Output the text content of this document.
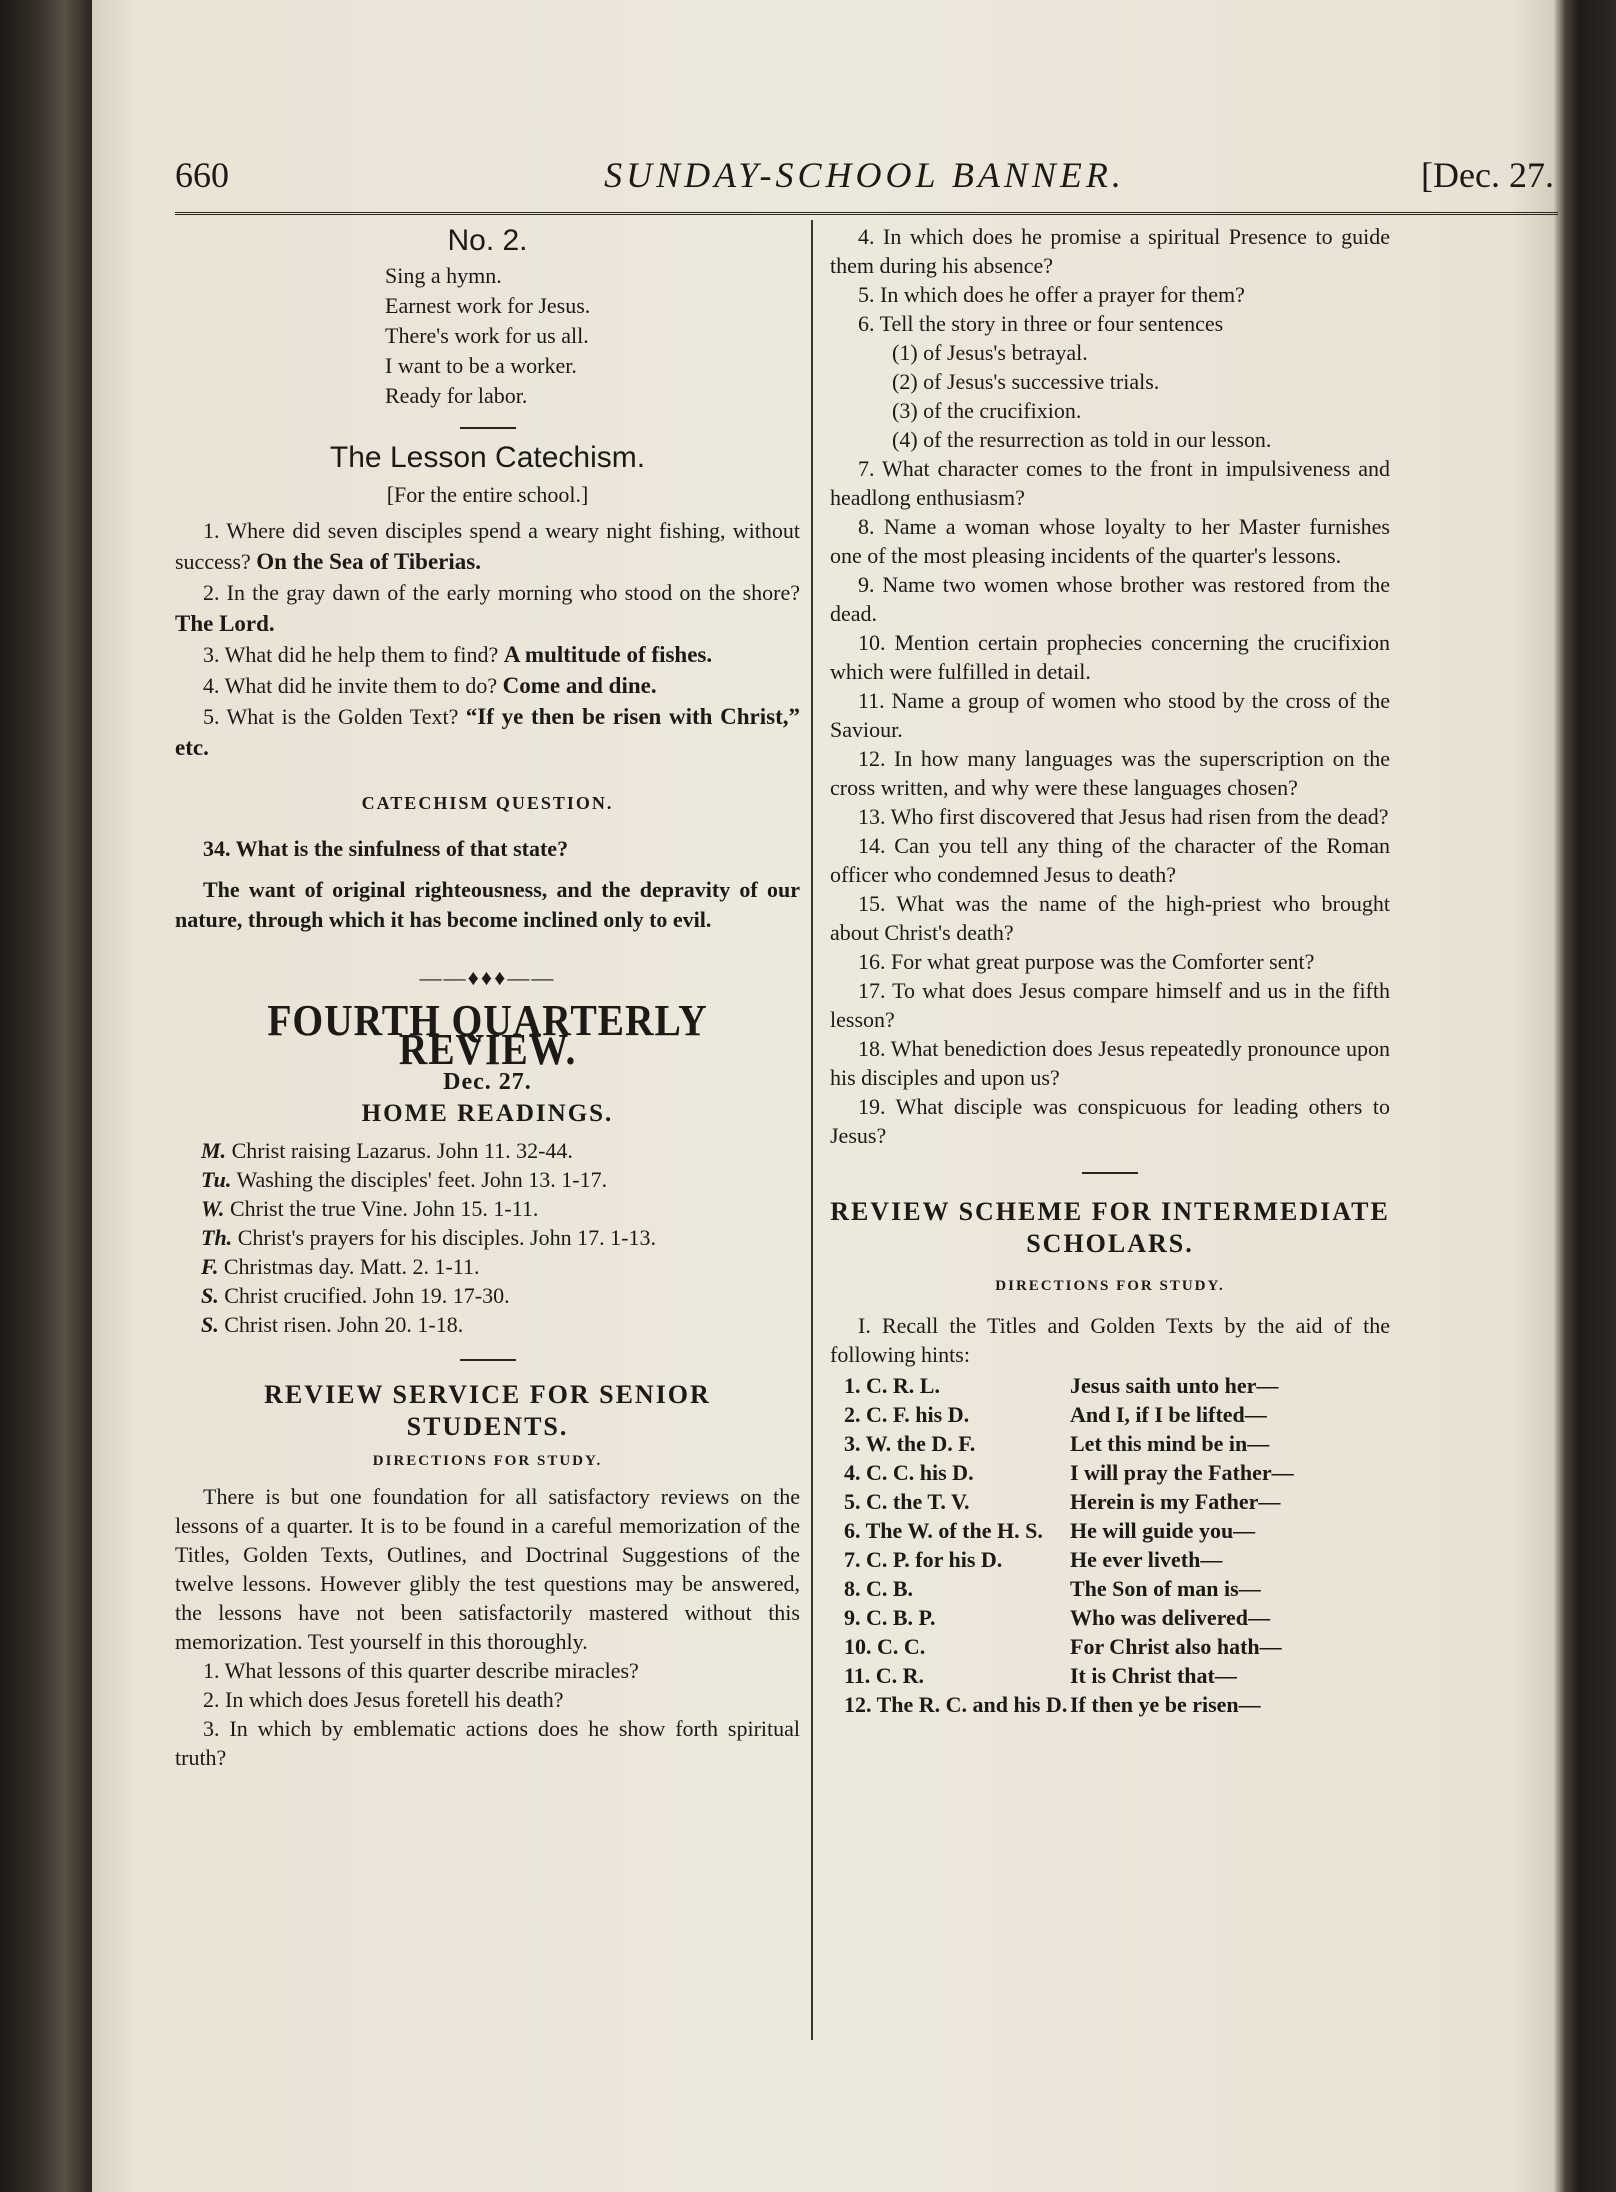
660	SUNDAY-SCHOOL BANNER.	[Dec. 27.
No. 2.
Sing a hymn.
Earnest work for Jesus.
There's work for us all.
I want to be a worker.
Ready for labor.
The Lesson Catechism.
[For the entire school.]

1. Where did seven disciples spend a weary night fishing, without success? On the Sea of Tiberias.

2. In the gray dawn of the early morning who stood on the shore? The Lord.

3. What did he help them to find? A multitude of fishes.

4. What did he invite them to do? Come and dine.

5. What is the Golden Text? “If ye then be risen with Christ,” etc.

CATECHISM QUESTION.

34. What is the sinfulness of that state?

The want of original righteousness, and the depravity of our nature, through which it has become inclined only to evil.

——♦♦♦——
FOURTH QUARTERLY REVIEW.
Dec. 27.
HOME READINGS.

M. Christ raising Lazarus. John 11. 32-44.

Tu. Washing the disciples' feet. John 13. 1-17.

W. Christ the true Vine. John 15. 1-11.

Th. Christ's prayers for his disciples. John 17. 1-13.

F. Christmas day. Matt. 2. 1-11.

S. Christ crucified. John 19. 17-30.

S. Christ risen. John 20. 1-18.

REVIEW SERVICE FOR SENIOR STUDENTS.
DIRECTIONS FOR STUDY.

There is but one foundation for all satisfactory reviews on the lessons of a quarter. It is to be found in a careful memorization of the Titles, Golden Texts, Outlines, and Doctrinal Suggestions of the twelve lessons. However glibly the test questions may be answered, the lessons have not been satisfactorily mastered without this memorization. Test yourself in this thoroughly.

1. What lessons of this quarter describe miracles?

2. In which does Jesus foretell his death?

3. In which by emblematic actions does he show forth spiritual truth?

4. In which does he promise a spiritual Presence to guide them during his absence?

5. In which does he offer a prayer for them?

6. Tell the story in three or four sentences

(1) of Jesus's betrayal.

(2) of Jesus's successive trials.

(3) of the crucifixion.

(4) of the resurrection as told in our lesson.

7. What character comes to the front in impulsiveness and headlong enthusiasm?

8. Name a woman whose loyalty to her Master furnishes one of the most pleasing incidents of the quarter's lessons.

9. Name two women whose brother was restored from the dead.

10. Mention certain prophecies concerning the crucifixion which were fulfilled in detail.

11. Name a group of women who stood by the cross of the Saviour.

12. In how many languages was the superscription on the cross written, and why were these languages chosen?

13. Who first discovered that Jesus had risen from the dead?

14. Can you tell any thing of the character of the Roman officer who condemned Jesus to death?

15. What was the name of the high-priest who brought about Christ's death?

16. For what great purpose was the Comforter sent?

17. To what does Jesus compare himself and us in the fifth lesson?

18. What benediction does Jesus repeatedly pronounce upon his disciples and upon us?

19. What disciple was conspicuous for leading others to Jesus?

REVIEW SCHEME FOR INTERMEDIATE SCHOLARS.
DIRECTIONS FOR STUDY.

I. Recall the Titles and Golden Texts by the aid of the following hints:

1. C. R. L.	Jesus saith unto her—
2. C. F. his D.	And I, if I be lifted—
3. W. the D. F.	Let this mind be in—
4. C. C. his D.	I will pray the Father—
5. C. the T. V.	Herein is my Father—
6. The W. of the H. S.	He will guide you—
7. C. P. for his D.	He ever liveth—
8. C. B.	The Son of man is—
9. C. B. P.	Who was delivered—
10. C. C.	For Christ also hath—
11. C. R.	It is Christ that—
12. The R. C. and his D. If then ye be risen—
